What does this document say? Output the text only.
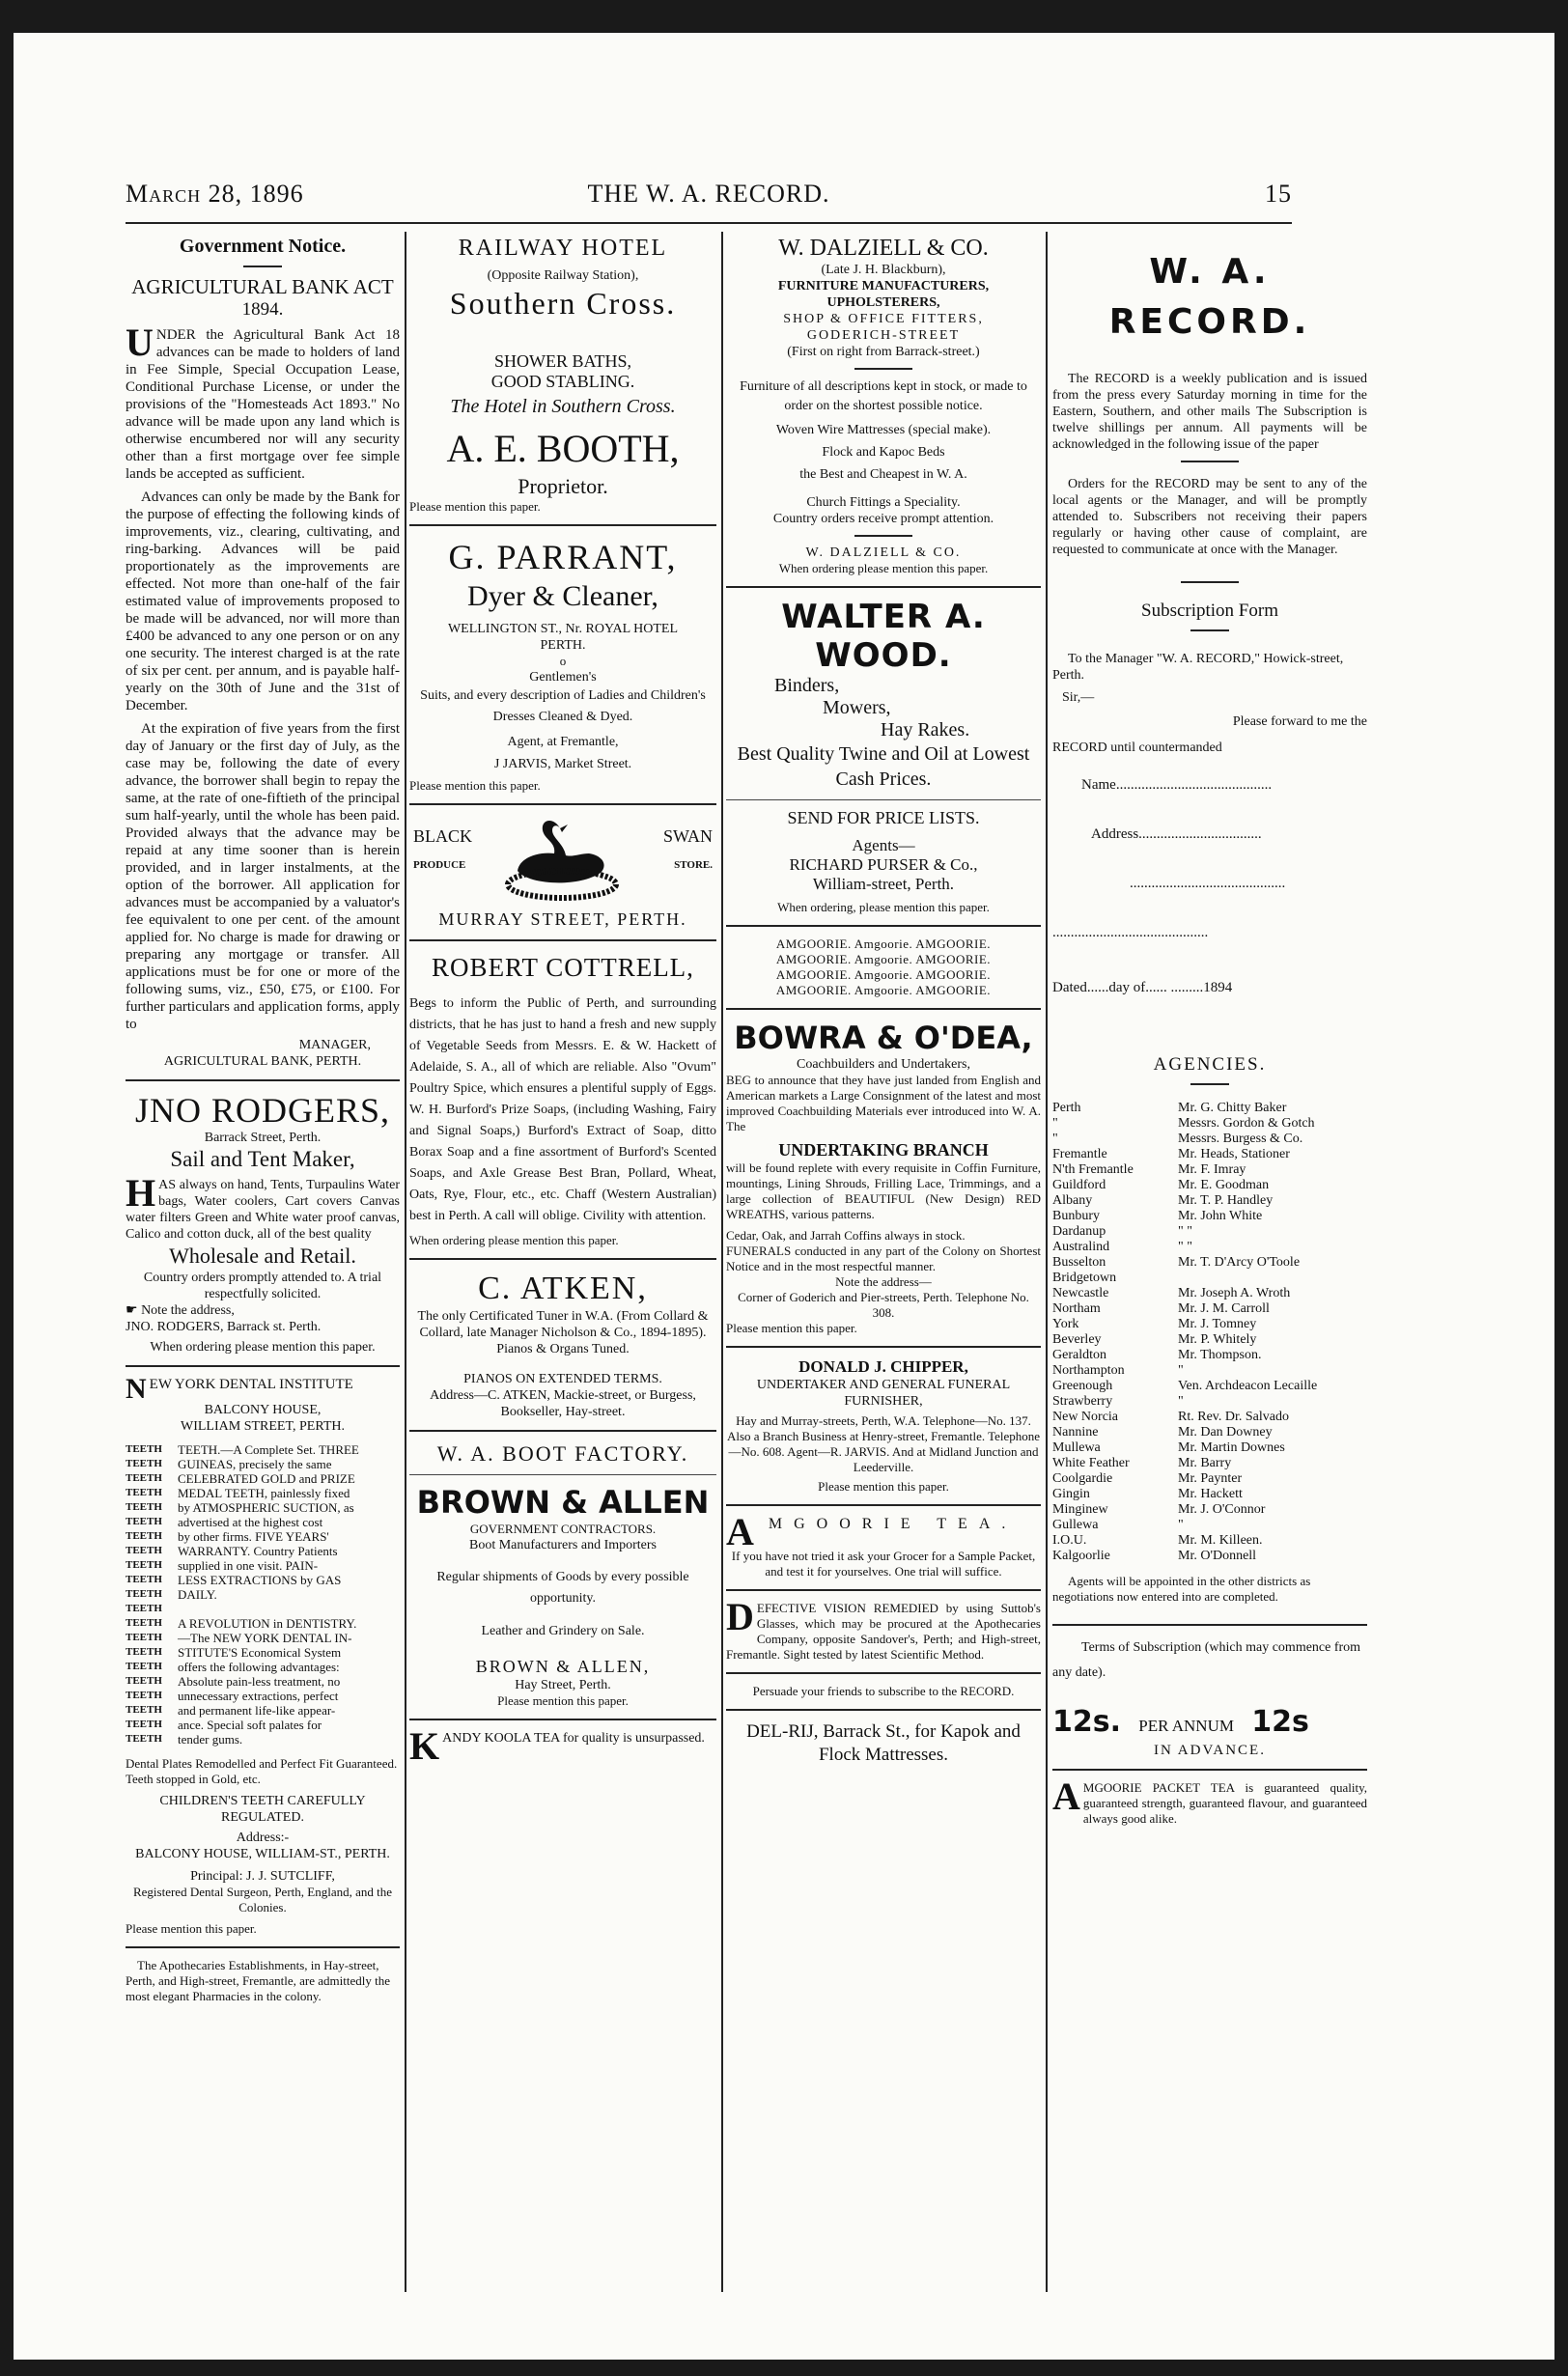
March 28, 1896	THE W. A. RECORD.	15

Government Notice.

AGRICULTURAL BANK ACT

1894.

UNDER the Agricultural Bank Act 18 advances can be made to holders of land in Fee Simple, Special Occupation Lease, Conditional Purchase License, or under the provisions of the "Homesteads Act 1893." No advance will be made upon any land which is otherwise encumbered nor will any security other than a first mortgage over fee simple lands be accepted as sufficient.

Advances can only be made by the Bank for the purpose of effecting the following kinds of improvements, viz., clearing, cultivating, and ring-barking. Advances will be paid proportionately as the improvements are effected. Not more than one-half of the fair estimated value of improvements proposed to be made will be advanced, nor will more than £400 be advanced to any one person or on any one security. The interest charged is at the rate of six per cent. per annum, and is payable half-yearly on the 30th of June and the 31st of December.

At the expiration of five years from the first day of January or the first day of July, as the case may be, following the date of every advance, the borrower shall begin to repay the same, at the rate of one-fiftieth of the principal sum half-yearly, until the whole has been paid. Provided always that the advance may be repaid at any time sooner than is herein provided, and in larger instalments, at the option of the borrower. All application for advances must be accompanied by a valuator's fee equivalent to one per cent. of the amount applied for. No charge is made for drawing or preparing any mortgage or transfer. All applications must be for one or more of the following sums, viz., £50, £75, or £100. For further particulars and application forms, apply to

MANAGER,

AGRICULTURAL BANK, PERTH.

JNO RODGERS,

Barrack Street, Perth.

Sail and Tent Maker,

HAS always on hand, Tents, Turpaulins Water bags, Water coolers, Cart covers Canvas water filters Green and White water proof canvas, Calico and cotton duck, all of the best quality

Wholesale and Retail.

Country orders promptly attended to. A trial respectfully solicited.

☛ Note the address,

JNO. RODGERS, Barrack st. Perth.

When ordering please mention this paper.

NEW YORK DENTAL INSTITUTE

BALCONY HOUSE,

WILLIAM STREET, PERTH.

TEETH	TEETH.—A Complete Set. THREE
TEETH	GUINEAS, precisely the same
TEETH	CELEBRATED GOLD and PRIZE
TEETH	MEDAL TEETH, painlessly fixed
TEETH	by ATMOSPHERIC SUCTION, as
TEETH	advertised at the highest cost
TEETH	by other firms. FIVE YEARS'
TEETH	WARRANTY. Country Patients
TEETH	supplied in one visit. PAIN-
TEETH	LESS EXTRACTIONS by GAS
TEETH	DAILY.
TEETH
TEETH	A REVOLUTION in DENTISTRY.
TEETH	—The NEW YORK DENTAL IN-
TEETH	STITUTE'S Economical System
TEETH	offers the following advantages:
TEETH	Absolute pain-less treatment, no
TEETH	unnecessary extractions, perfect
TEETH	and permanent life-like appear-
TEETH	ance. Special soft palates for
TEETH	tender gums.

Dental Plates Remodelled and Perfect Fit Guaranteed. Teeth stopped in Gold, etc.

CHILDREN'S TEETH CAREFULLY REGULATED.

Address:-

BALCONY HOUSE, WILLIAM-ST., PERTH.

Principal: J. J. SUTCLIFF,

Registered Dental Surgeon, Perth, England, and the Colonies.

Please mention this paper.

The Apothecaries Establishments, in Hay-street, Perth, and High-street, Fremantle, are admittedly the most elegant Pharmacies in the colony.

RAILWAY HOTEL

(Opposite Railway Station),

Southern Cross.

SHOWER BATHS,

GOOD STABLING.

The Hotel in Southern Cross.

A. E. BOOTH,

Proprietor.

Please mention this paper.

G. PARRANT,

Dyer & Cleaner,

WELLINGTON ST., Nr. ROYAL HOTEL

PERTH.

o

Gentlemen's

Suits, and every description of Ladies and Children's Dresses Cleaned & Dyed.

Agent, at Fremantle,

J JARVIS, Market Street.

Please mention this paper.

BLACK	SWAN
PRODUCE	STORE.

MURRAY STREET, PERTH.

ROBERT COTTRELL,

Begs to inform the Public of Perth, and surrounding districts, that he has just to hand a fresh and new supply of Vegetable Seeds from Messrs. E. & W. Hackett of Adelaide, S. A., all of which are reliable. Also "Ovum" Poultry Spice, which ensures a plentiful supply of Eggs. W. H. Burford's Prize Soaps, (including Washing, Fairy and Signal Soaps,) Burford's Extract of Soap, ditto Borax Soap and a fine assortment of Burford's Scented Soaps, and Axle Grease Best Bran, Pollard, Wheat, Oats, Rye, Flour, etc., etc. Chaff (Western Australian) best in Perth. A call will oblige. Civility with attention.

When ordering please mention this paper.

C. ATKEN,

The only Certificated Tuner in W.A. (From Collard & Collard, late Manager Nicholson & Co., 1894-1895). Pianos & Organs Tuned.

PIANOS ON EXTENDED TERMS.

Address—C. ATKEN, Mackie-street, or Burgess, Bookseller, Hay-street.

W. A. BOOT FACTORY.

BROWN & ALLEN

GOVERNMENT CONTRACTORS.

Boot Manufacturers and Importers

Regular shipments of Goods by every possible opportunity.

Leather and Grindery on Sale.

BROWN & ALLEN,

Hay Street, Perth.

Please mention this paper.

KANDY KOOLA TEA for quality is unsurpassed.

W. DALZIELL & CO.

(Late J. H. Blackburn),

FURNITURE MANUFACTURERS, UPHOLSTERERS,

SHOP & OFFICE FITTERS,

GODERICH-STREET

(First on right from Barrack-street.)

Furniture of all descriptions kept in stock, or made to order on the shortest possible notice.

Woven Wire Mattresses (special make).

Flock and Kapoc Beds

the Best and Cheapest in W. A.

Church Fittings a Speciality.

Country orders receive prompt attention.

W. DALZIELL & CO.

When ordering please mention this paper.

WALTER A. WOOD.

Binders,

Mowers,

Hay Rakes.

Best Quality Twine and Oil at Lowest Cash Prices.

SEND FOR PRICE LISTS.

Agents—

RICHARD PURSER & Co.,

William-street, Perth.

When ordering, please mention this paper.

AMGOORIE. Amgoorie. AMGOORIE.

AMGOORIE. Amgoorie. AMGOORIE.

AMGOORIE. Amgoorie. AMGOORIE.

AMGOORIE. Amgoorie. AMGOORIE.

BOWRA & O'DEA,

Coachbuilders and Undertakers,

BEG to announce that they have just landed from English and American markets a Large Consignment of the latest and most improved Coachbuilding Materials ever introduced into W. A. The

UNDERTAKING BRANCH

will be found replete with every requisite in Coffin Furniture, mountings, Lining Shrouds, Frilling Lace, Trimmings, and a large collection of BEAUTIFUL (New Design) RED WREATHS, various patterns.

Cedar, Oak, and Jarrah Coffins always in stock.

FUNERALS conducted in any part of the Colony on Shortest Notice and in the most respectful manner.

Note the address—

Corner of Goderich and Pier-streets, Perth. Telephone No. 308.

Please mention this paper.

DONALD J. CHIPPER,

UNDERTAKER AND GENERAL FUNERAL FURNISHER,

Hay and Murray-streets, Perth, W.A. Telephone—No. 137. Also a Branch Business at Henry-street, Fremantle. Telephone—No. 608. Agent—R. JARVIS. And at Midland Junction and Leederville.

Please mention this paper.

AMGOORIE TEA.

If you have not tried it ask your Grocer for a Sample Packet, and test it for yourselves. One trial will suffice.

DEFECTIVE VISION REMEDIED by using Suttob's Glasses, which may be procured at the Apothecaries Company, opposite Sandover's, Perth; and High-street, Fremantle. Sight tested by latest Scientific Method.

Persuade your friends to subscribe to the RECORD.

DEL-RIJ, Barrack St., for Kapok and Flock Mattresses.

W. A. RECORD.

The RECORD is a weekly publication and is issued from the press every Saturday morning in time for the Eastern, Southern, and other mails The Subscription is twelve shillings per annum. All payments will be acknowledged in the following issue of the paper

Orders for the RECORD may be sent to any of the local agents or the Manager, and will be promptly attended to. Subscribers not receiving their papers regularly or having other cause of complaint, are requested to communicate at once with the Manager.

Subscription Form

To the Manager "W. A. RECORD," Howick-street, Perth.

Sir,—

Please forward to me the

RECORD until countermanded

Name...........................................

Address..................................

...........................................

...........................................

Dated......day of...... .........1894

AGENCIES.

Perth	Mr. G. Chitty Baker
"	Messrs. Gordon & Gotch
"	Messrs. Burgess & Co.
Fremantle	Mr. Heads, Stationer
N'th Fremantle	Mr. F. Imray
Guildford	Mr. E. Goodman
Albany	Mr. T. P. Handley
Bunbury	Mr. John White
Dardanup	" "
Australind	" "
Busselton	Mr. T. D'Arcy O'Toole
Bridgetown
Newcastle	Mr. Joseph A. Wroth
Northam	Mr. J. M. Carroll
York	Mr. J. Tomney
Beverley	Mr. P. Whitely
Geraldton	Mr. Thompson.
Northampton	"
Greenough	Ven. Archdeacon Lecaille
Strawberry	"
New Norcia	Rt. Rev. Dr. Salvado
Nannine	Mr. Dan Downey
Mullewa	Mr. Martin Downes
White Feather	Mr. Barry
Coolgardie	Mr. Paynter
Gingin	Mr. Hackett
Minginew	Mr. J. O'Connor
Gullewa	"
I.O.U.	Mr. M. Killeen.
Kalgoorlie	Mr. O'Donnell

Agents will be appointed in the other districts as negotiations now entered into are completed.

Terms of Subscription (which may commence from any date).

12s. PER ANNUM 12s

IN ADVANCE.

AMGOORIE PACKET TEA is guaranteed quality, guaranteed strength, guaranteed flavour, and guaranteed always good alike.
